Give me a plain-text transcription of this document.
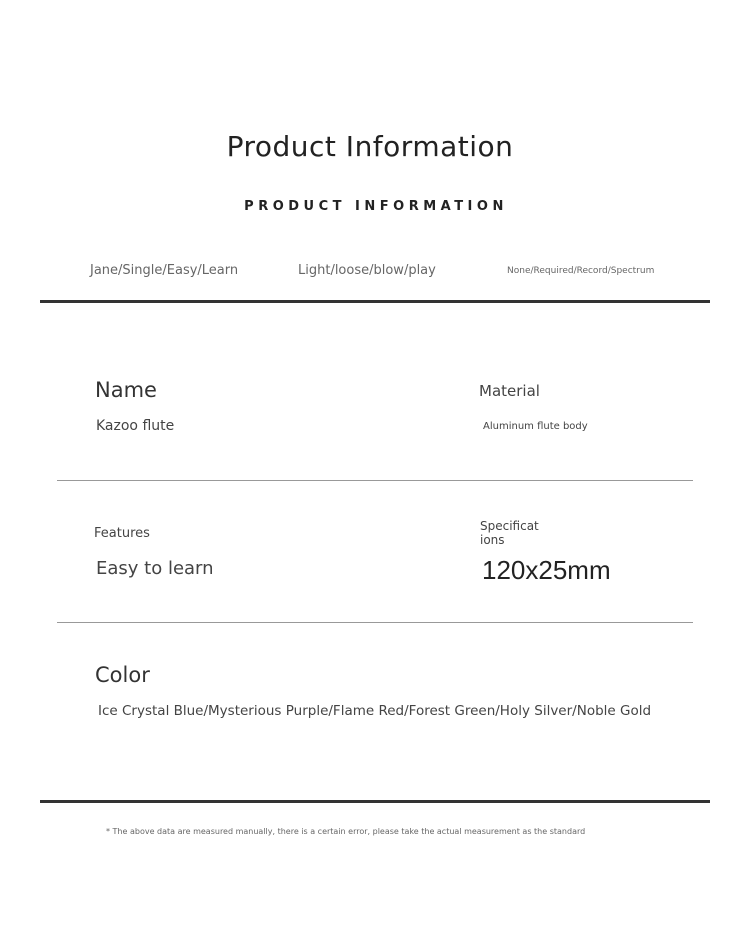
Product Information
PRODUCT INFORMATION
Jane/Single/Easy/Learn	Light/loose/blow/play	None/Required/Record/Spectrum
Name
Kazoo flute
Material
Aluminum flute body
Features
Easy to learn
Specificat
ions
120x25mm
Color
Ice Crystal Blue/Mysterious Purple/Flame Red/Forest Green/Holy Silver/Noble Gold
* The above data are measured manually, there is a certain error, please take the actual measurement as the standard
